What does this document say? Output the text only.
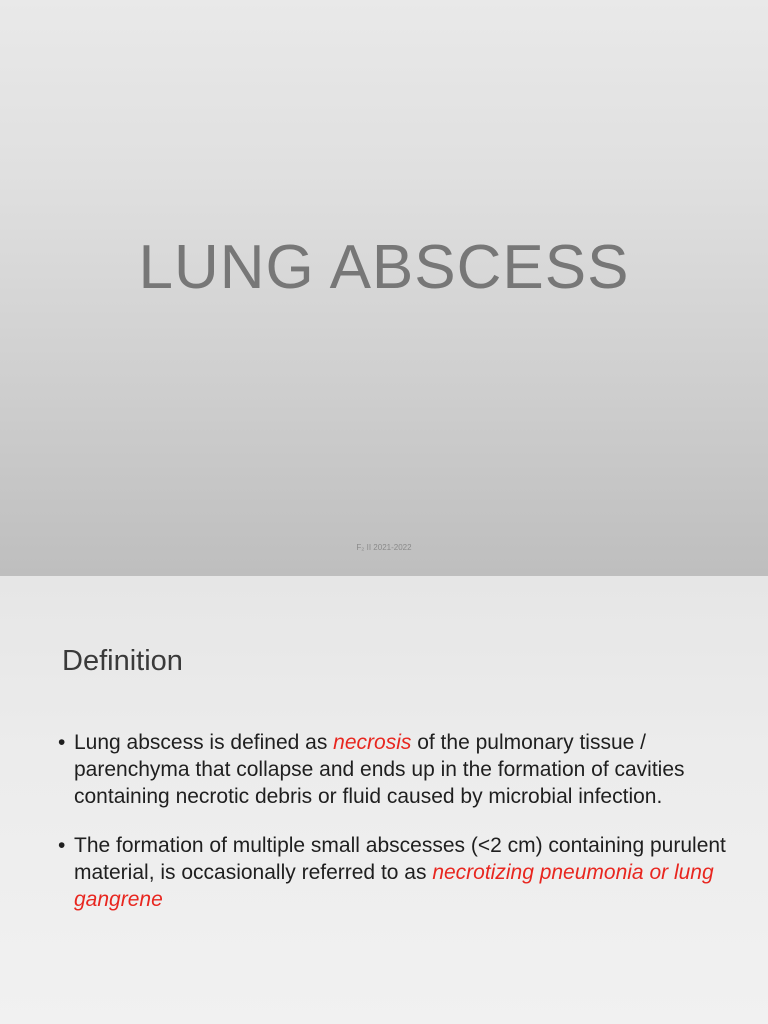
LUNG ABSCESS
F₂ II 2021-2022
Definition
• Lung abscess is defined as necrosis of the pulmonary tissue / parenchyma that collapse and ends up in the formation of cavities containing necrotic debris or fluid caused by microbial infection.
• The formation of multiple small abscesses (<2 cm) containing purulent material, is occasionally referred to as necrotizing pneumonia or lung gangrene
